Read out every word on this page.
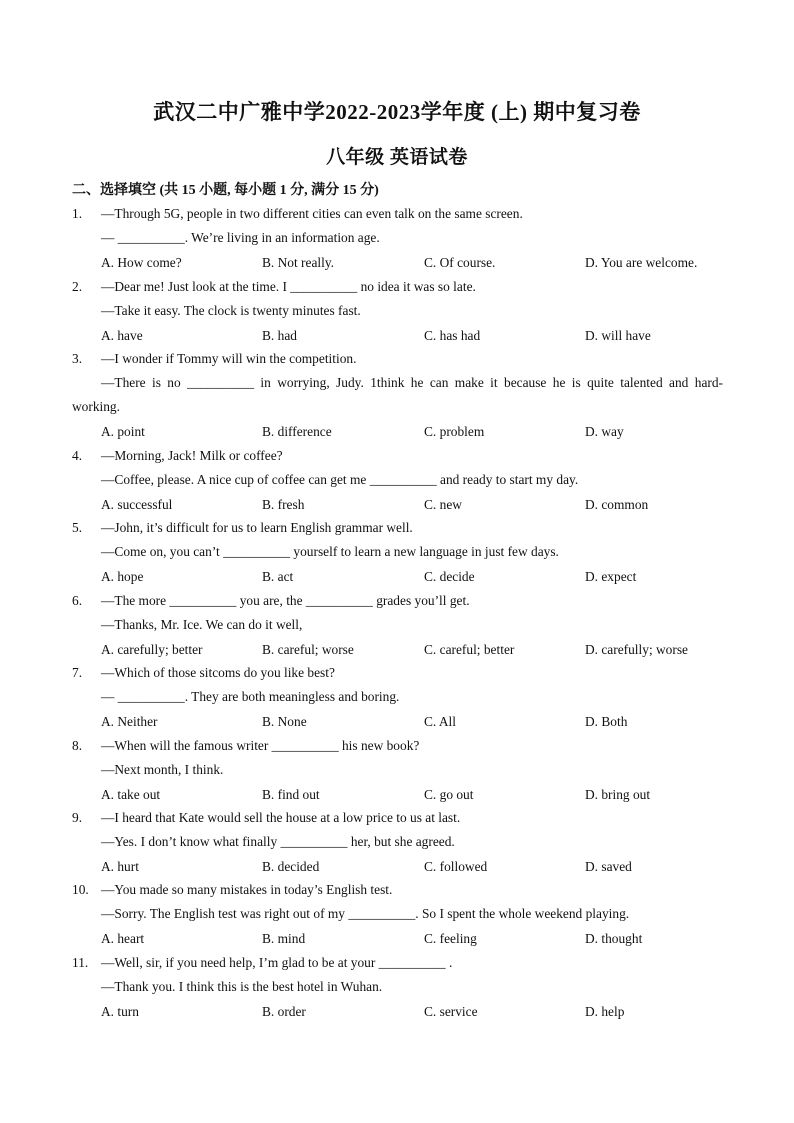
武汉二中广雅中学2022-2023学年度 (上) 期中复习卷
八年级 英语试卷
二、选择填空 (共 15 小题, 每小题 1 分, 满分 15 分)
1. —Through 5G, people in two different cities can even talk on the same screen.
— __________. We’re living in an information age.
A. How come?	B. Not really.	C. Of course.	D. You are welcome.
2. —Dear me! Just look at the time. I __________ no idea it was so late.
—Take it easy. The clock is twenty minutes fast.
A. have	B. had	C. has had	D. will have
3. —I wonder if Tommy will win the competition.
—There is no __________ in worrying, Judy. 1think he can make it because he is quite talented and hard-
working.
A. point	B. difference	C. problem	D. way
4. —Morning, Jack! Milk or coffee?
—Coffee, please. A nice cup of coffee can get me __________ and ready to start my day.
A. successful	B. fresh	C. new	D. common
5. —John, it’s difficult for us to learn English grammar well.
—Come on, you can’t __________ yourself to learn a new language in just few days.
A. hope	B. act	C. decide	D. expect
6. —The more __________ you are, the __________ grades you’ll get.
—Thanks, Mr. Ice. We can do it well,
A. carefully; better	B. careful; worse	C. careful; better	D. carefully; worse
7. —Which of those sitcoms do you like best?
— __________. They are both meaningless and boring.
A. Neither	B. None	C. All	D. Both
8. —When will the famous writer __________ his new book?
—Next month, I think.
A. take out	B. find out	C. go out	D. bring out
9. —I heard that Kate would sell the house at a low price to us at last.
—Yes. I don’t know what finally __________ her, but she agreed.
A. hurt	B. decided	C. followed	D. saved
10. —You made so many mistakes in today’s English test.
—Sorry. The English test was right out of my __________. So I spent the whole weekend playing.
A. heart	B. mind	C. feeling	D. thought
11. —Well, sir, if you need help, I’m glad to be at your __________ .
—Thank you. I think this is the best hotel in Wuhan.
A. turn	B. order	C. service	D. help
